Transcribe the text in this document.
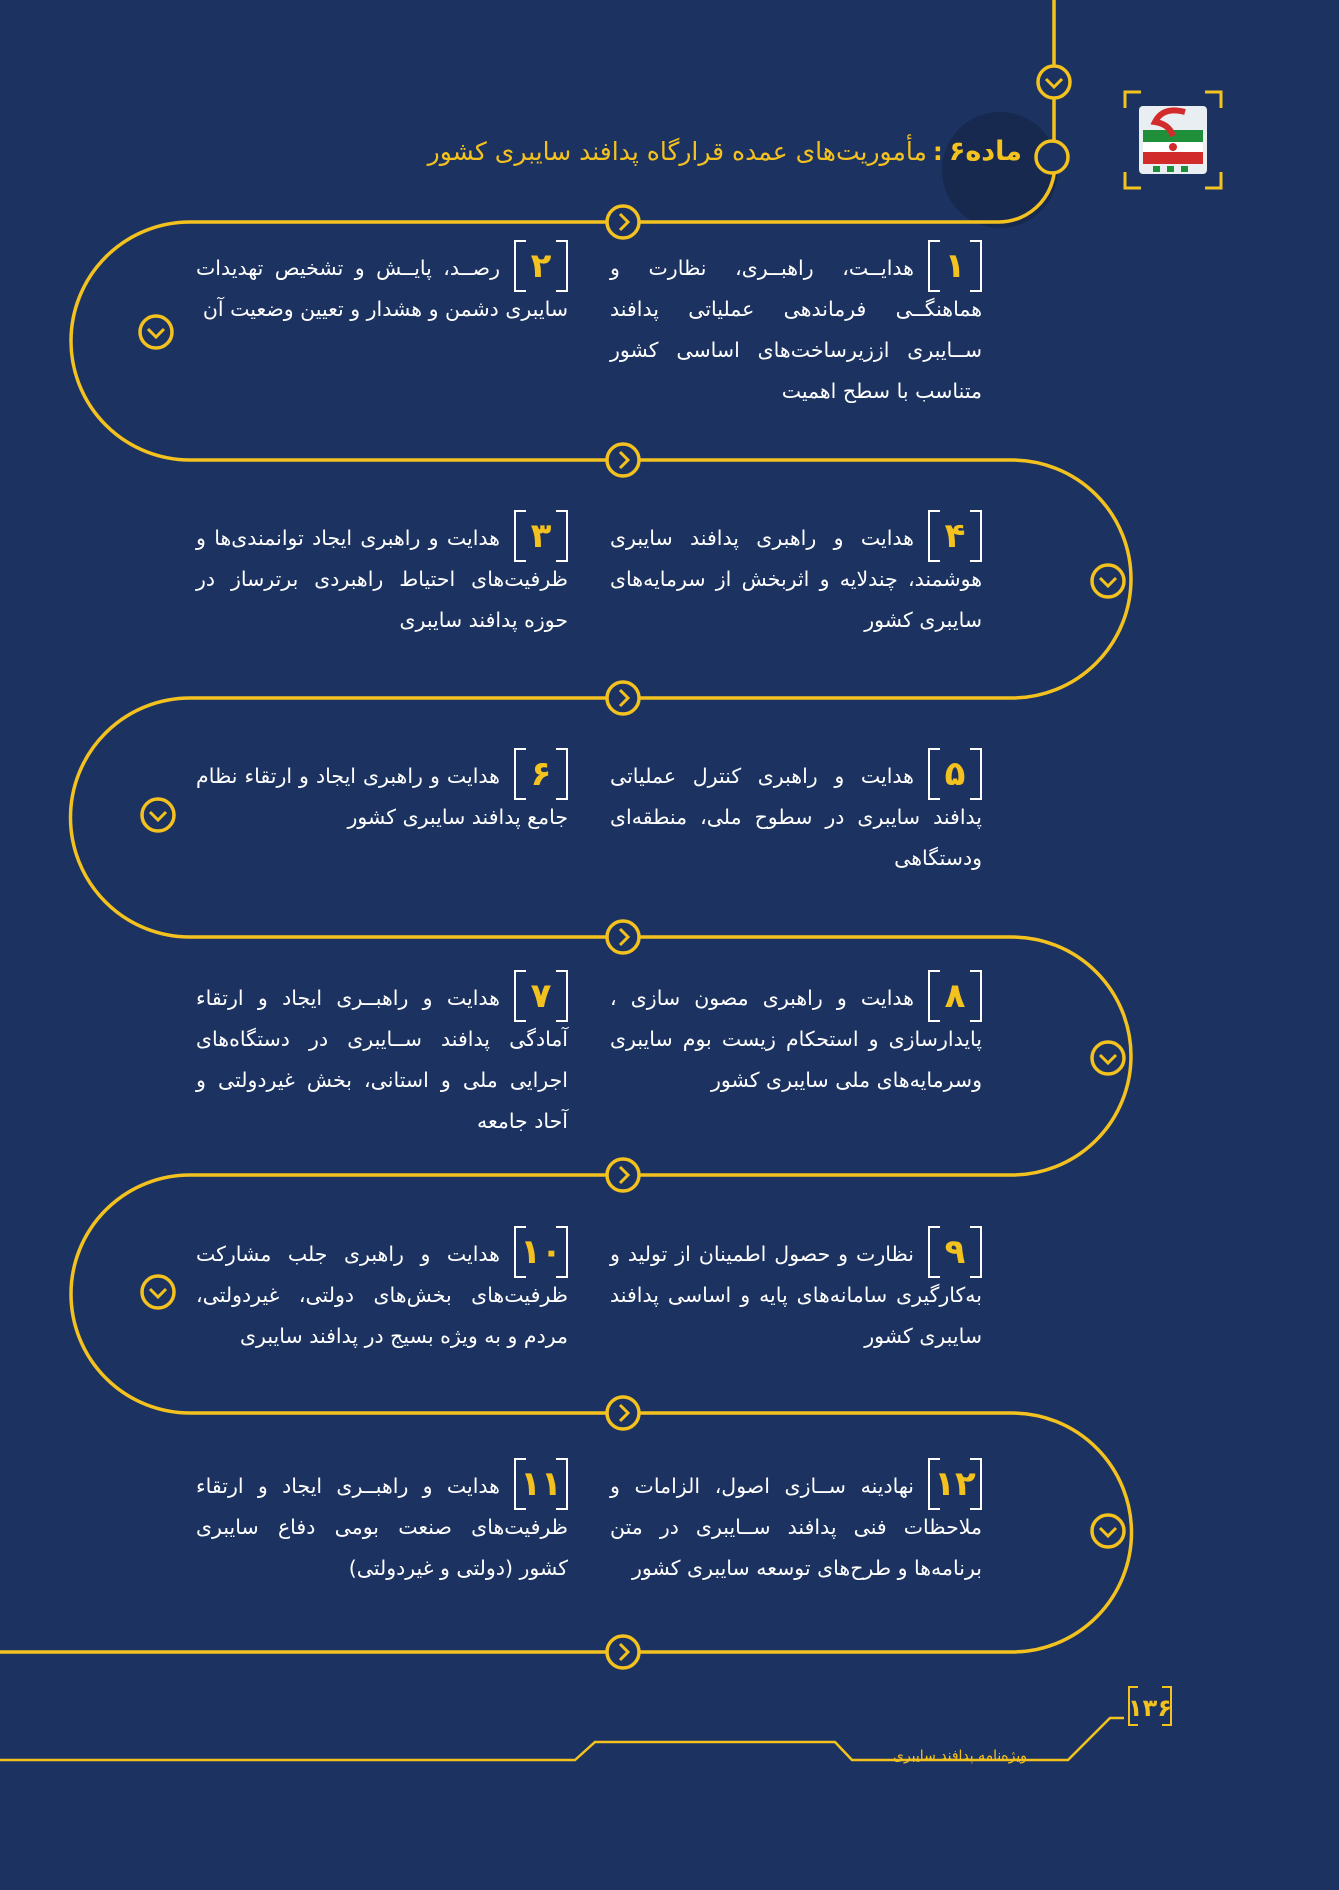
ماده۶:مأموریت‌های عمده قرارگاه پدافند سایبری کشور
۱
هدایــت، راهبــری، نظارت و هماهنگــی فرماندهی عملیاتی پدافند ســایبری اززیرساخت‌های اساسی کشور متناسب با سطح اهمیت
۲
رصــد، پایــش و تشخیص تهدیدات سایبری دشمن و هشدار و تعیین وضعیت آن
۳
هدایت و راهبری ایجاد توانمندی‌ها و ظرفیت‌های احتیاط راهبردی برترساز در حوزه پدافند سایبری
۴
هدایت و راهبری پدافند سایبری هوشمند، چندلایه و اثربخش از سرمایه‌های سایبری کشور
۵
هدایت و راهبری کنترل عملیاتی پدافند سایبری در سطوح ملی، منطقه‌ای ودستگاهی
۶
هدایت و راهبری ایجاد و ارتقاء نظام جامع پدافند سایبری کشور
۷
هدایت و راهبــری ایجاد و ارتقاء آمادگی پدافند ســایبری در دستگاه‌های اجرایی ملی و استانی، بخش غیردولتی و آحاد جامعه
۸
هدایت و راهبری مصون سازی ، پایدارسازی و استحکام زیست بوم سایبری وسرمایه‌های ملی سایبری کشور
۹
نظارت و حصول اطمینان از تولید و به‌کارگیری سامانه‌های پایه و اساسی پدافند سایبری کشور
۱۰
هدایت و راهبری جلب مشارکت ظرفیت‌های بخش‌های دولتی، غیردولتی، مردم و به ویژه بسیج در پدافند سایبری
۱۱
هدایت و راهبــری ایجاد و ارتقاء ظرفیت‌های صنعت بومی دفاع سایبری کشور (دولتی و غیردولتی)
۱۲
نهادینه ســازی اصول، الزامات و ملاحظات فنی پدافند ســایبری در متن برنامه‌ها و طرح‌های توسعه سایبری کشور
ویژه‌نامه پدافند سایبری
۱۳۶
